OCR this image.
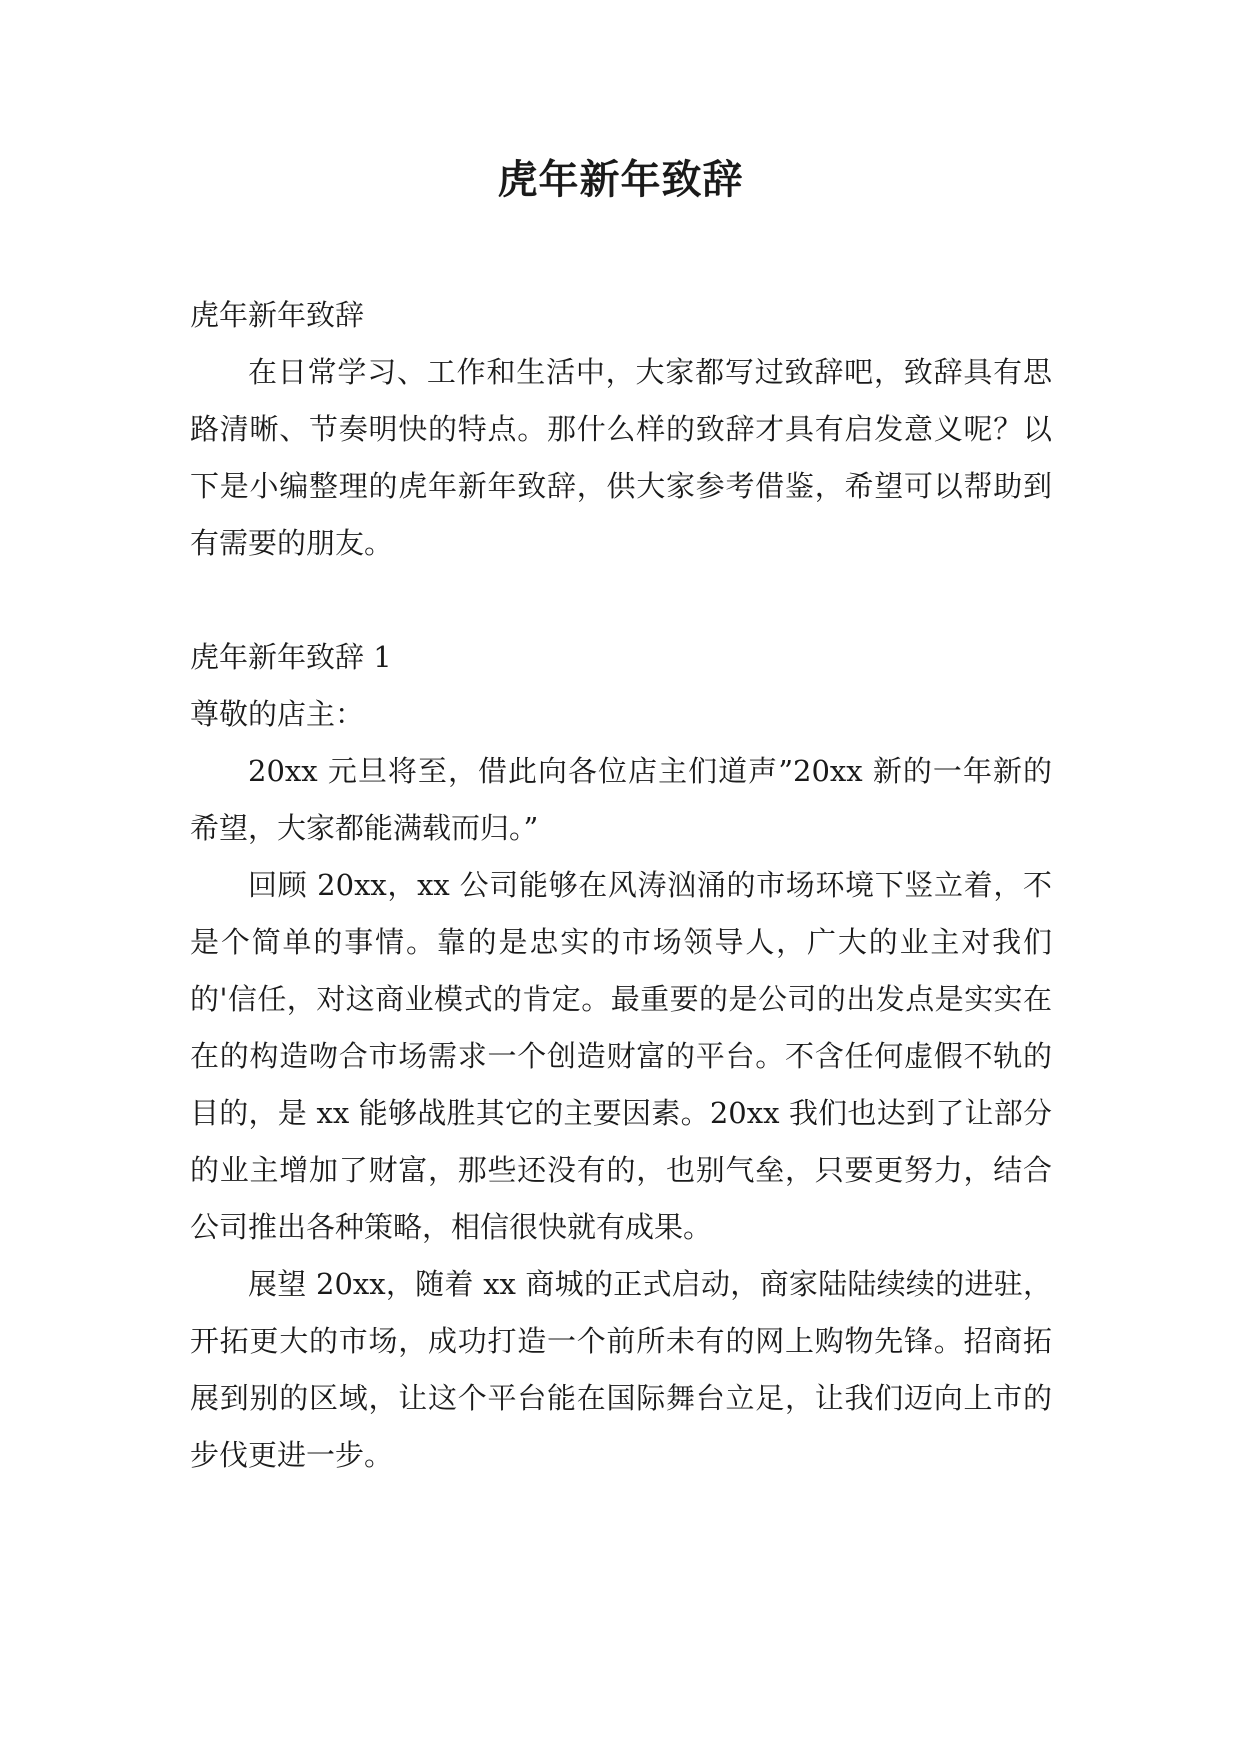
虎年新年致辞

虎年新年致辞

在日常学习、工作和生活中，大家都写过致辞吧，致辞具有思路清晰、节奏明快的特点。那什么样的致辞才具有启发意义呢？以下是小编整理的虎年新年致辞，供大家参考借鉴，希望可以帮助到有需要的朋友。

虎年新年致辞 1

尊敬的店主：

20xx 元旦将至，借此向各位店主们道声”20xx 新的一年新的希望，大家都能满载而归。”

回顾 20xx，xx 公司能够在风涛汹涌的市场环境下竖立着，不是个简单的事情。靠的是忠实的市场领导人，广大的业主对我们的'信任，对这商业模式的肯定。最重要的是公司的出发点是实实在在的构造吻合市场需求一个创造财富的平台。不含任何虚假不轨的目的，是 xx 能够战胜其它的主要因素。20xx 我们也达到了让部分的业主增加了财富，那些还没有的，也别气垒，只要更努力，结合公司推出各种策略，相信很快就有成果。

展望 20xx，随着 xx 商城的正式启动，商家陆陆续续的进驻，开拓更大的市场，成功打造一个前所未有的网上购物先锋。招商拓展到别的区域，让这个平台能在国际舞台立足，让我们迈向上市的步伐更进一步。
